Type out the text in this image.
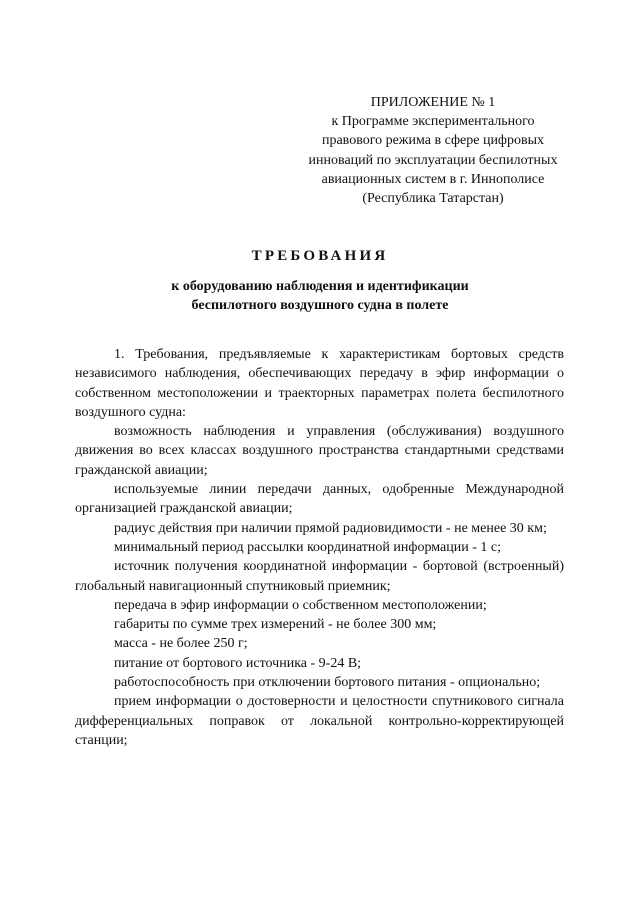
ПРИЛОЖЕНИЕ № 1
к Программе экспериментального
правового режима в сфере цифровых
инноваций по эксплуатации беспилотных
авиационных систем в г. Иннополисе
(Республика Татарстан)
ТРЕБОВАНИЯ
к оборудованию наблюдения и идентификации
беспилотного воздушного судна в полете

1. Требования, предъявляемые к характеристикам бортовых средств независимого наблюдения, обеспечивающих передачу в эфир информации о собственном местоположении и траекторных параметрах полета беспилотного воздушного судна:

возможность наблюдения и управления (обслуживания) воздушного движения во всех классах воздушного пространства стандартными средствами гражданской авиации;

используемые линии передачи данных, одобренные Международной организацией гражданской авиации;

радиус действия при наличии прямой радиовидимости - не менее 30 км;

минимальный период рассылки координатной информации - 1 с;

источник получения координатной информации - бортовой (встроенный) глобальный навигационный спутниковый приемник;

передача в эфир информации о собственном местоположении;

габариты по сумме трех измерений - не более 300 мм;

масса - не более 250 г;

питание от бортового источника - 9-24 В;

работоспособность при отключении бортового питания - опционально;

прием информации о достоверности и целостности спутникового сигнала дифференциальных поправок от локальной контрольно-корректирующей станции;
